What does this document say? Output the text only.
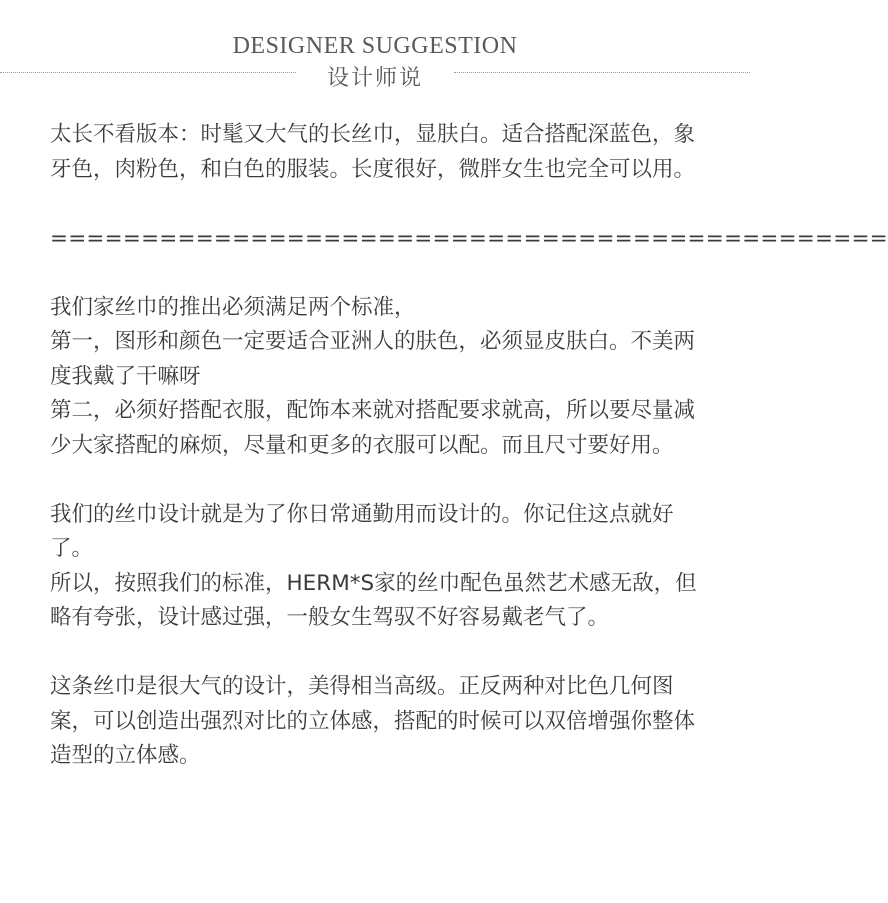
DESIGNER SUGGESTION
设计师说

太长不看版本：时髦又大气的长丝巾，显肤白。适合搭配深蓝色，象牙色，肉粉色，和白色的服装。长度很好，微胖女生也完全可以用。

==============================================

我们家丝巾的推出必须满足两个标准，

第一，图形和颜色一定要适合亚洲人的肤色，必须显皮肤白。不美两度我戴了干嘛呀

第二，必须好搭配衣服，配饰本来就对搭配要求就高，所以要尽量减少大家搭配的麻烦，尽量和更多的衣服可以配。而且尺寸要好用。

我们的丝巾设计就是为了你日常通勤用而设计的。你记住这点就好了。

所以，按照我们的标准，HERM*S家的丝巾配色虽然艺术感无敌，但略有夸张，设计感过强，一般女生驾驭不好容易戴老气了。

这条丝巾是很大气的设计，美得相当高级。正反两种对比色几何图案，可以创造出强烈对比的立体感，搭配的时候可以双倍增强你整体造型的立体感。
